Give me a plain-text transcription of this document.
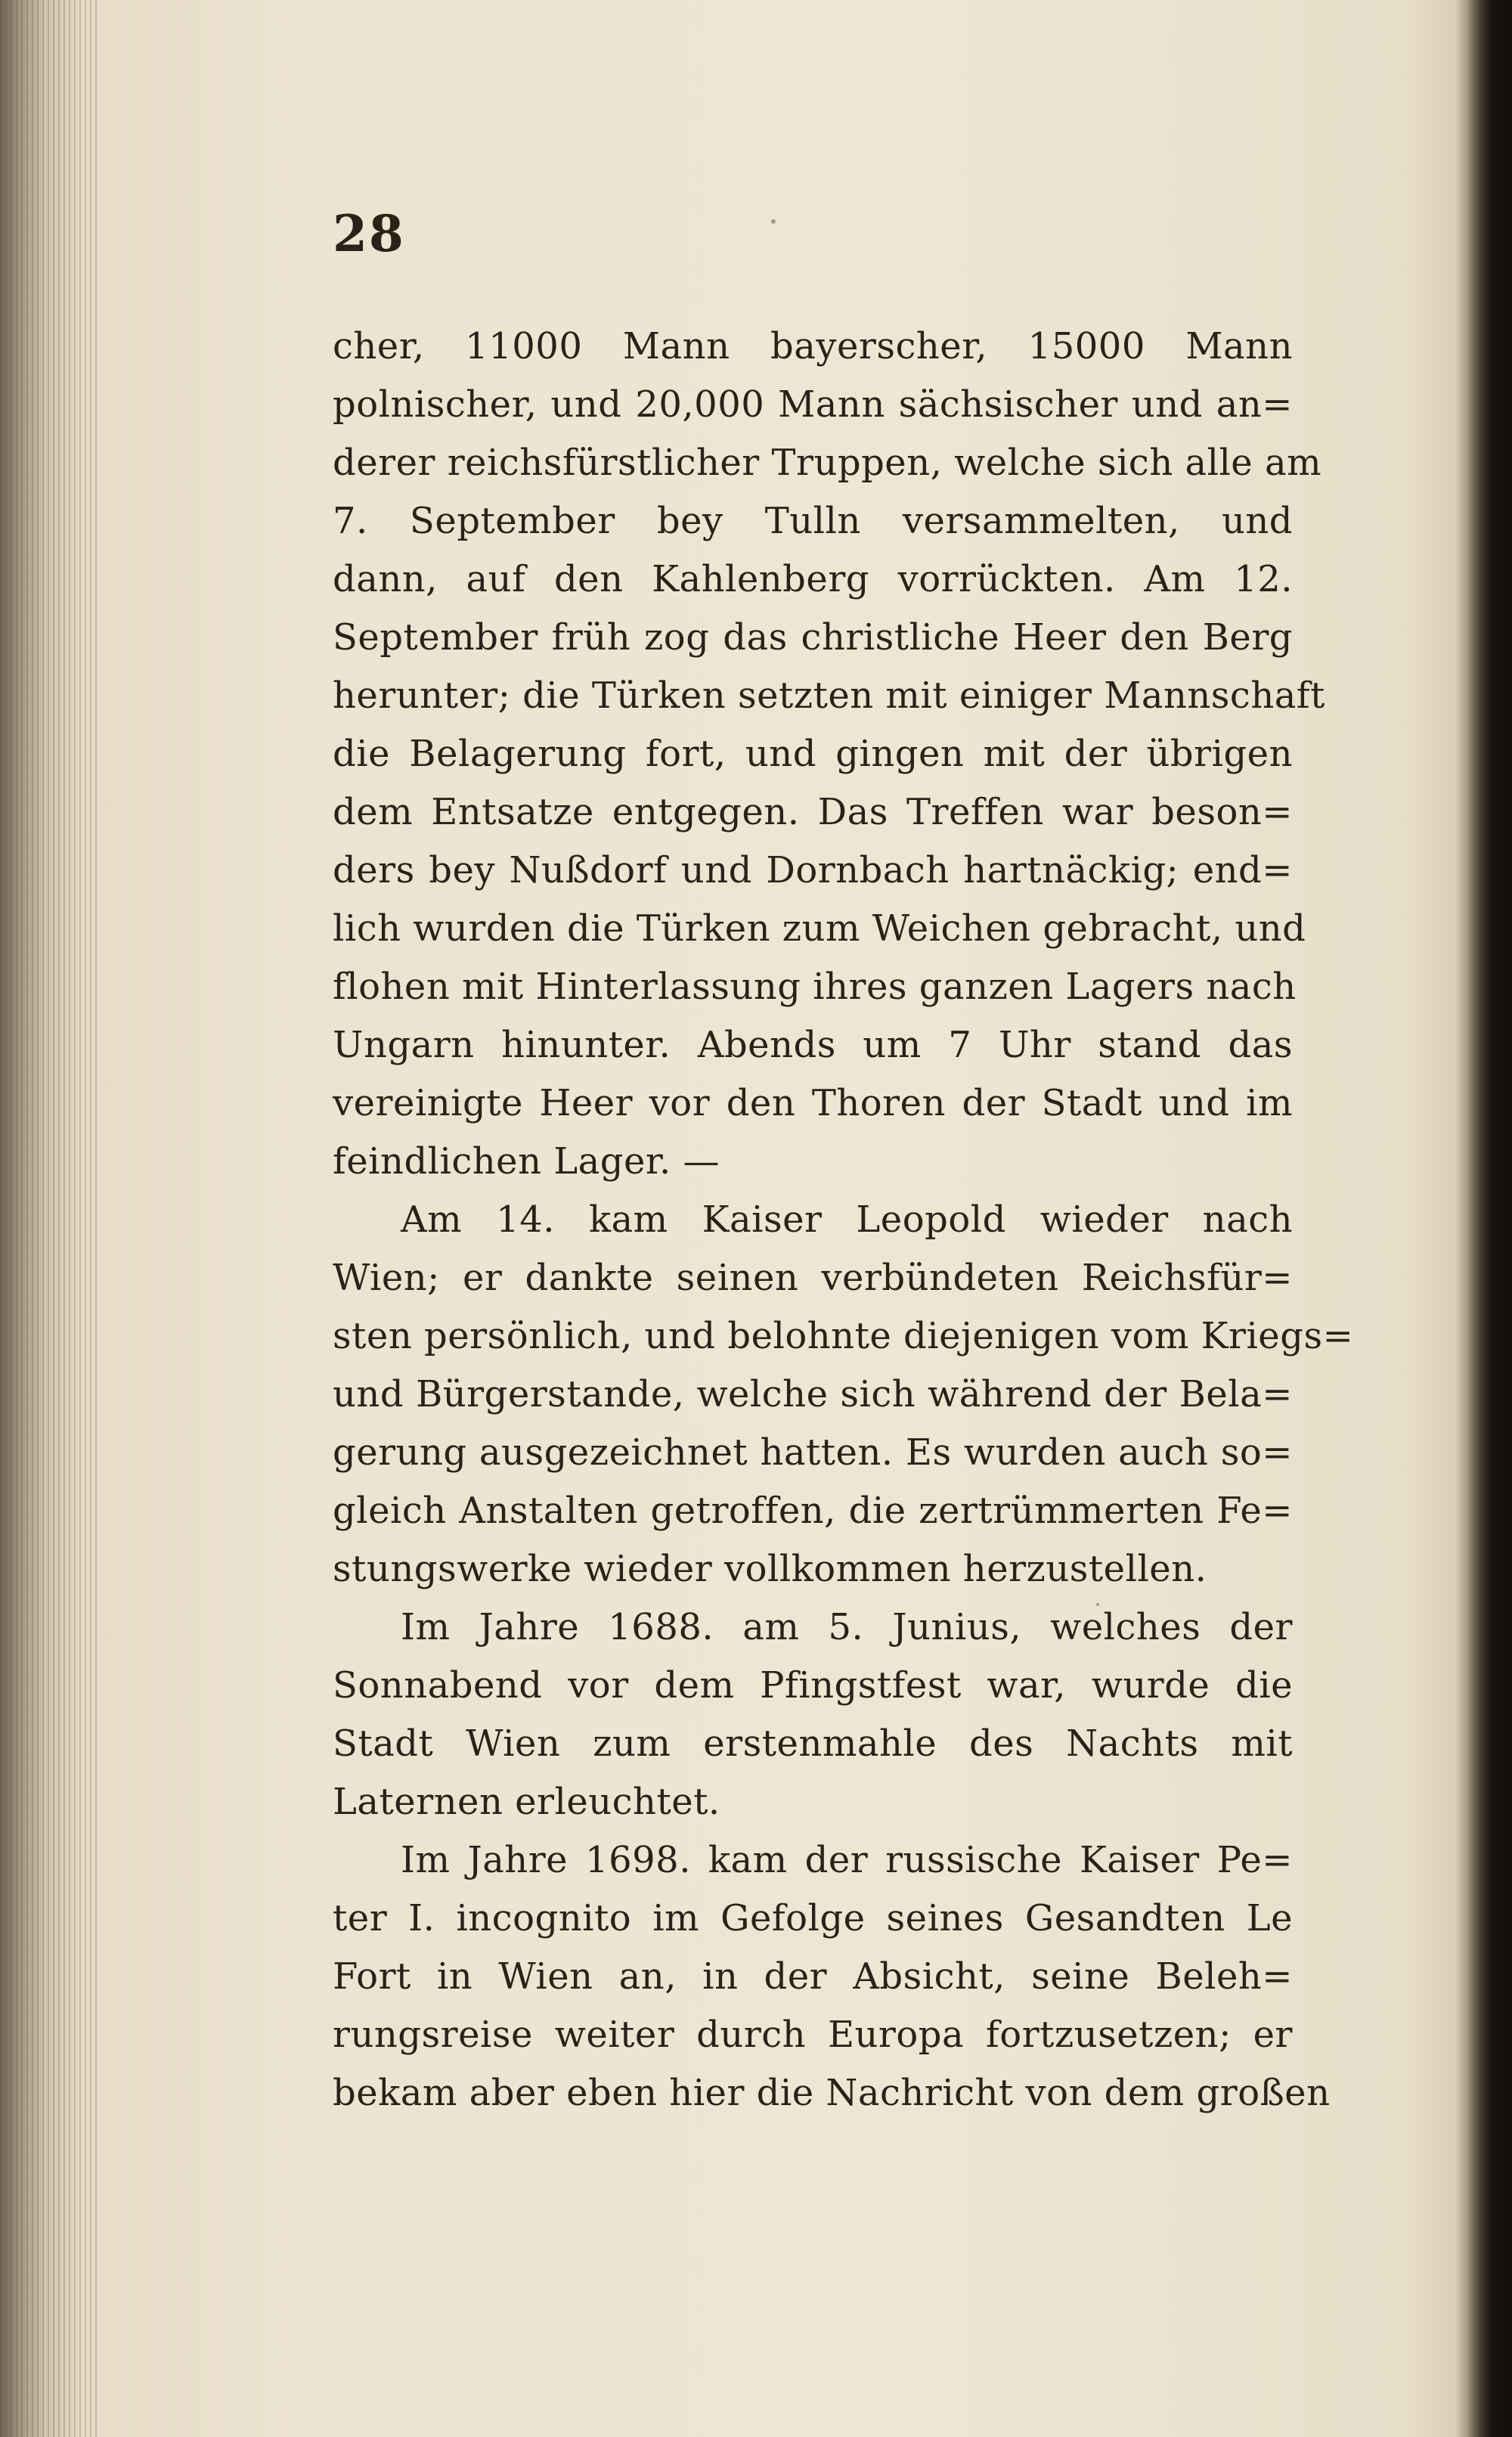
28
cher, 11000 Mann bayerscher, 15000 Mann
polnischer, und 20,000 Mann sächsischer und an=
derer reichsfürstlicher Truppen, welche sich alle am
7. September bey Tulln versammelten, und
dann, auf den Kahlenberg vorrückten. Am 12.
September früh zog das christliche Heer den Berg
herunter; die Türken setzten mit einiger Mannschaft
die Belagerung fort, und gingen mit der übrigen
dem Entsatze entgegen. Das Treffen war beson=
ders bey Nußdorf und Dornbach hartnäckig; end=
lich wurden die Türken zum Weichen gebracht, und
flohen mit Hinterlassung ihres ganzen Lagers nach
Ungarn hinunter. Abends um 7 Uhr stand das
vereinigte Heer vor den Thoren der Stadt und im
feindlichen Lager. —
Am 14. kam Kaiser Leopold wieder nach
Wien; er dankte seinen verbündeten Reichsfür=
sten persönlich, und belohnte diejenigen vom Kriegs=
und Bürgerstande, welche sich während der Bela=
gerung ausgezeichnet hatten. Es wurden auch so=
gleich Anstalten getroffen, die zertrümmerten Fe=
stungswerke wieder vollkommen herzustellen.
Im Jahre 1688. am 5. Junius, welches der
Sonnabend vor dem Pfingstfest war, wurde die
Stadt Wien zum erstenmahle des Nachts mit
Laternen erleuchtet.
Im Jahre 1698. kam der russische Kaiser Pe=
ter I. incognito im Gefolge seines Gesandten Le
Fort in Wien an, in der Absicht, seine Beleh=
rungsreise weiter durch Europa fortzusetzen; er
bekam aber eben hier die Nachricht von dem großen
